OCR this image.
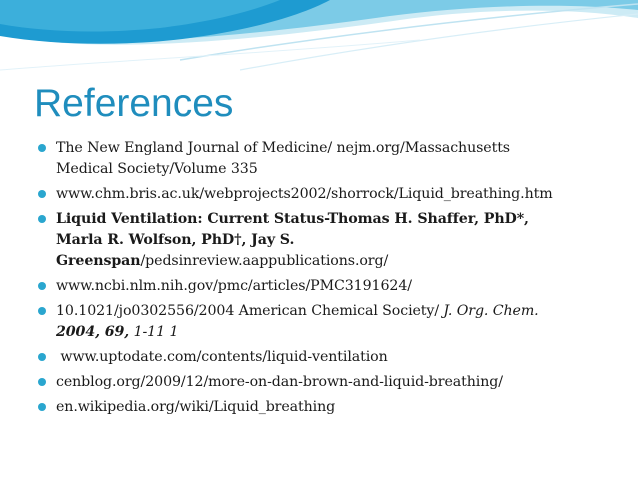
References
The New England Journal of Medicine/ nejm.org/Massachusetts
Medical Society/Volume 335
www.chm.bris.ac.uk/webprojects2002/shorrock/Liquid_breathing.htm
Liquid Ventilation: Current Status-Thomas H. Shaffer, PhD*,
Marla R. Wolfson, PhD†, Jay S.
Greenspan/pedsinreview.aappublications.org/
www.ncbi.nlm.nih.gov/pmc/articles/PMC3191624/
10.1021/jo0302556/2004 American Chemical Society/ J. Org. Chem.
2004, 69, 1-11 1
www.uptodate.com/contents/liquid-ventilation
cenblog.org/2009/12/more-on-dan-brown-and-liquid-breathing/
en.wikipedia.org/wiki/Liquid_breathing
